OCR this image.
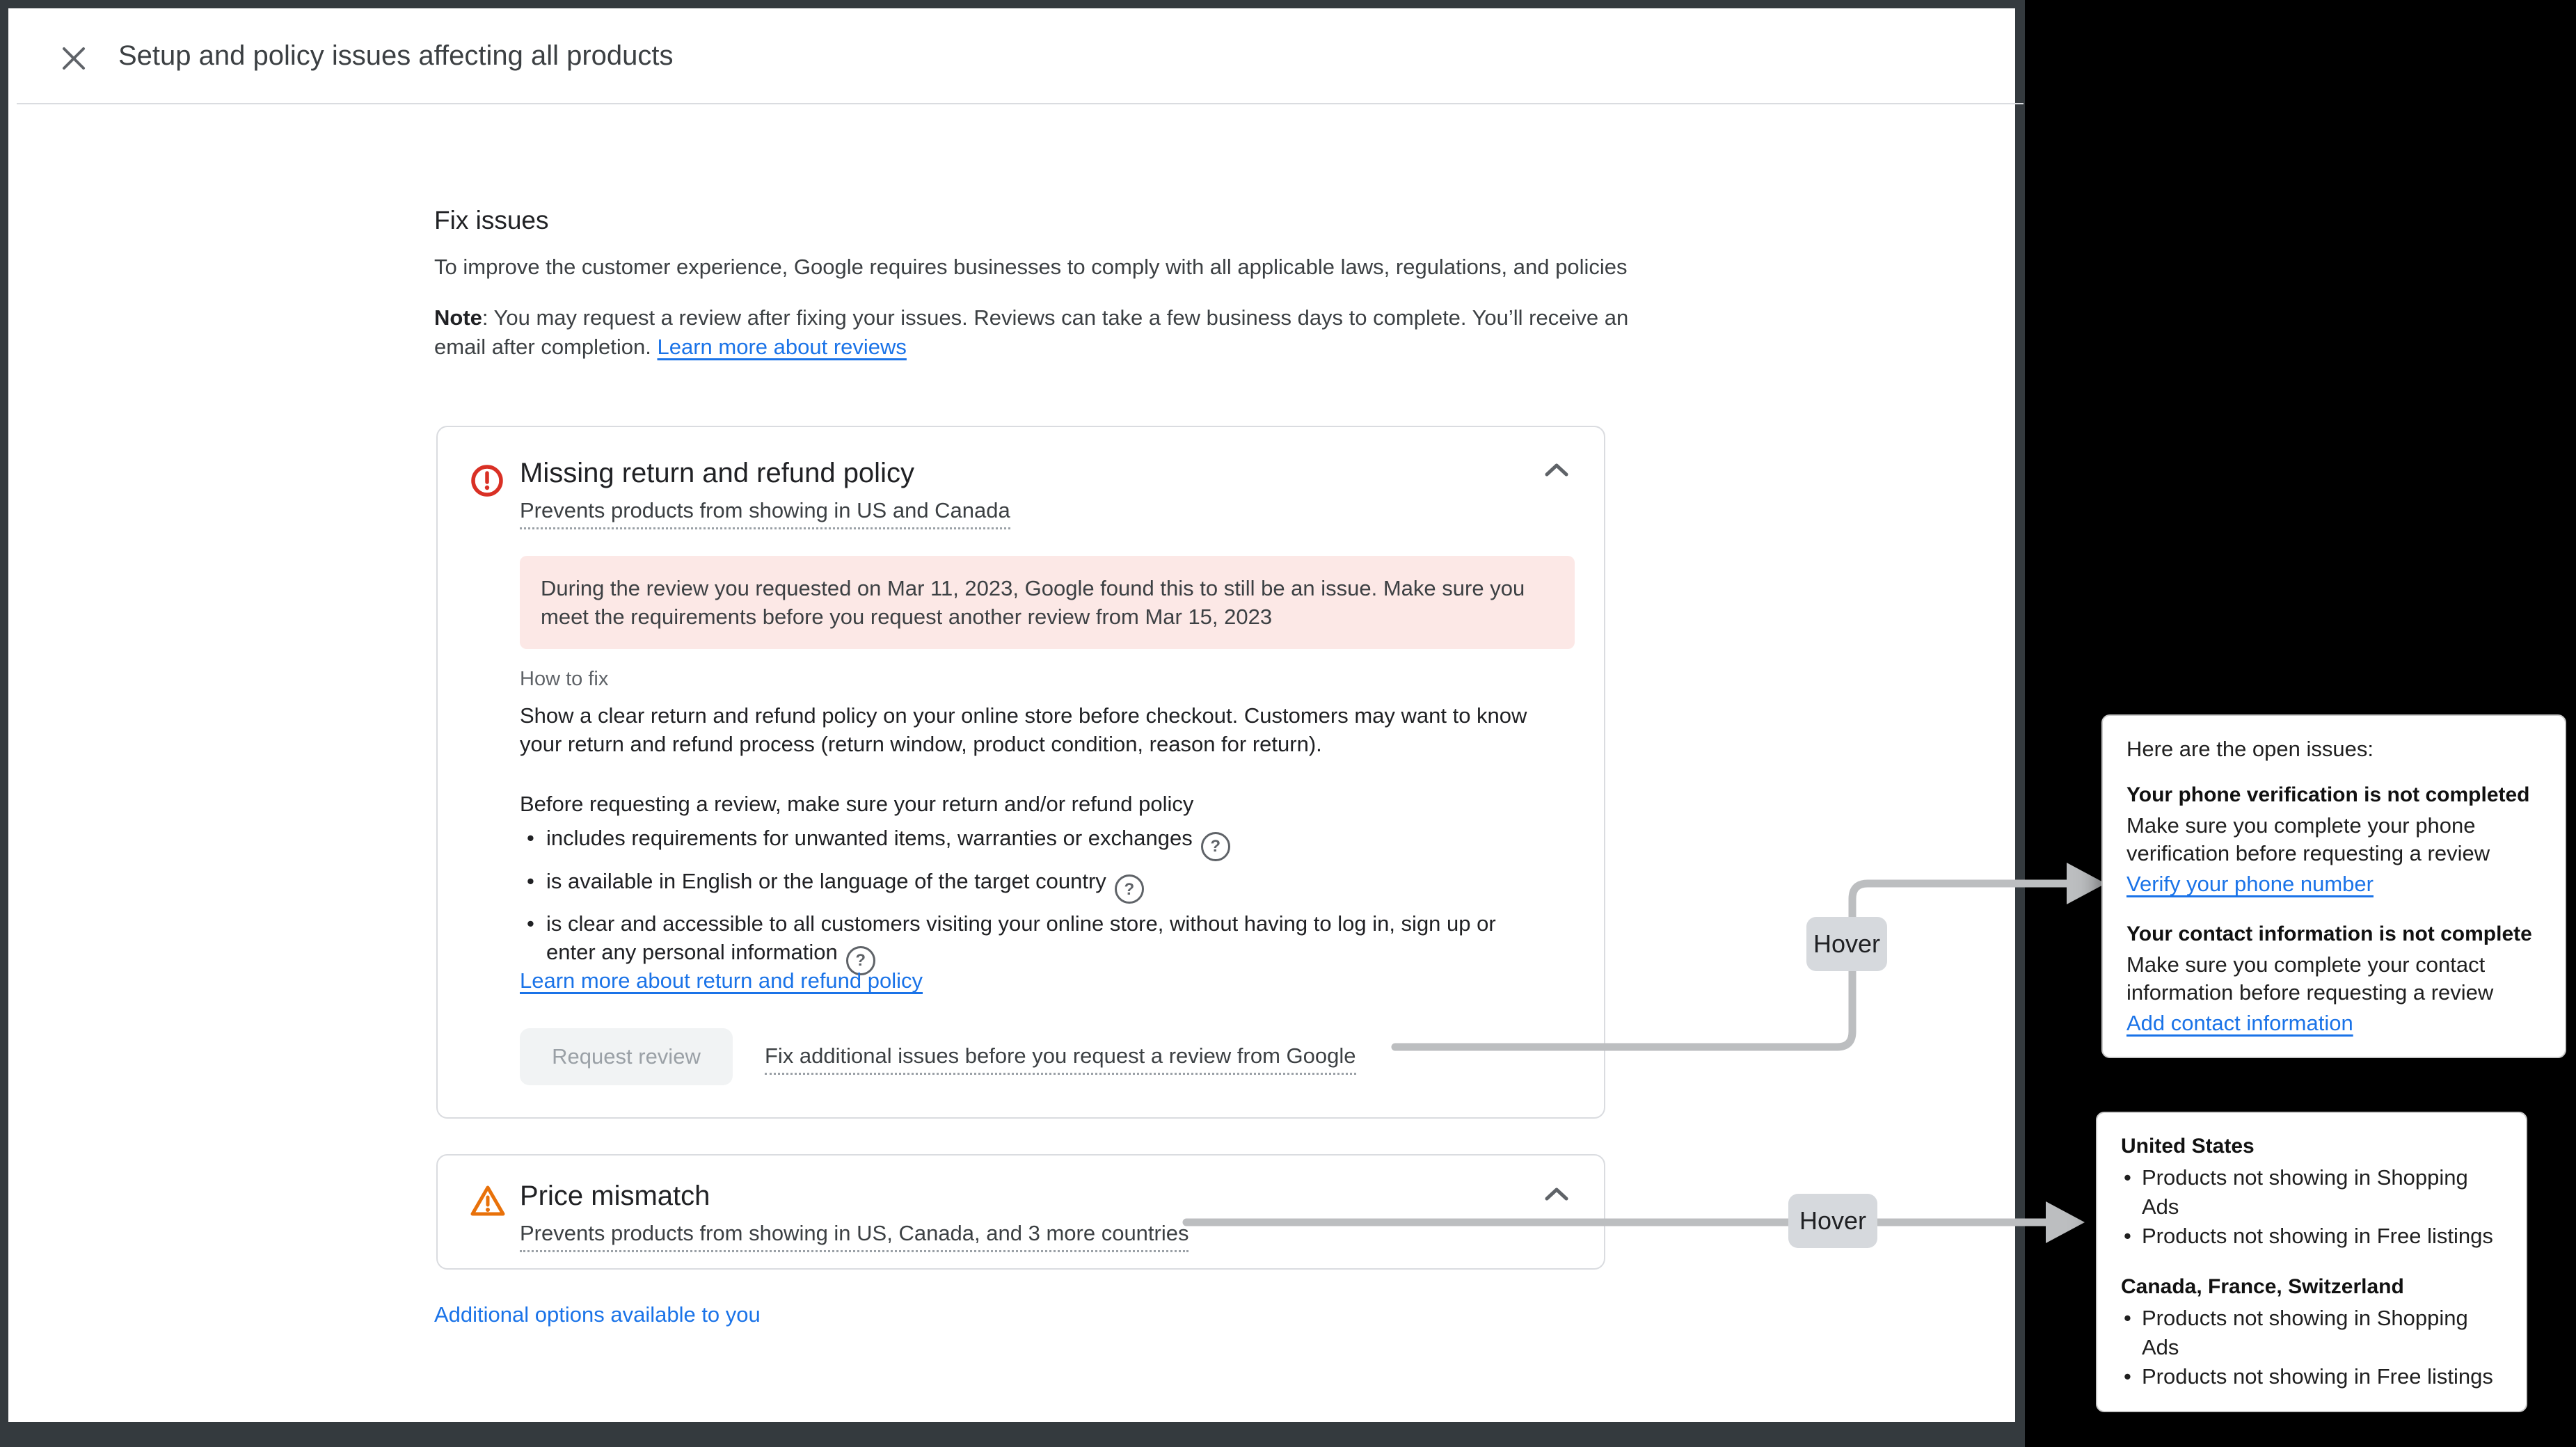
Setup and policy issues affecting all products
Fix issues
To improve the customer experience, Google requires businesses to comply with all applicable laws, regulations, and policies
Note: You may request a review after fixing your issues. Reviews can take a few business days to complete. You’ll receive an email after completion. Learn more about reviews
Missing return and refund policy
Prevents products from showing in US and Canada
During the review you requested on Mar 11, 2023, Google found this to still be an issue. Make sure you meet the requirements before you request another review from Mar 15, 2023
How to fix
Show a clear return and refund policy on your online store before checkout. Customers may want to know your return and refund process (return window, product condition, reason for return).
Before requesting a review, make sure your return and/or refund policy
• includes requirements for unwanted items, warranties or exchanges ?
• is available in English or the language of the target country ?
• is clear and accessible to all customers visiting your online store, without having to log in, sign up or enter any personal information ?
Learn more about return and refund policy
Request review	Fix additional issues before you request a review from Google
Price mismatch
Prevents products from showing in US, Canada, and 3 more countries
Additional options available to you
Hover
Hover
Here are the open issues:
Your phone verification is not completed
Make sure you complete your phone verification before requesting a review
Verify your phone number
Your contact information is not complete
Make sure you complete your contact information before requesting a review
Add contact information
United States
• Products not showing in Shopping Ads
• Products not showing in Free listings
Canada, France, Switzerland
• Products not showing in Shopping Ads
• Products not showing in Free listings
